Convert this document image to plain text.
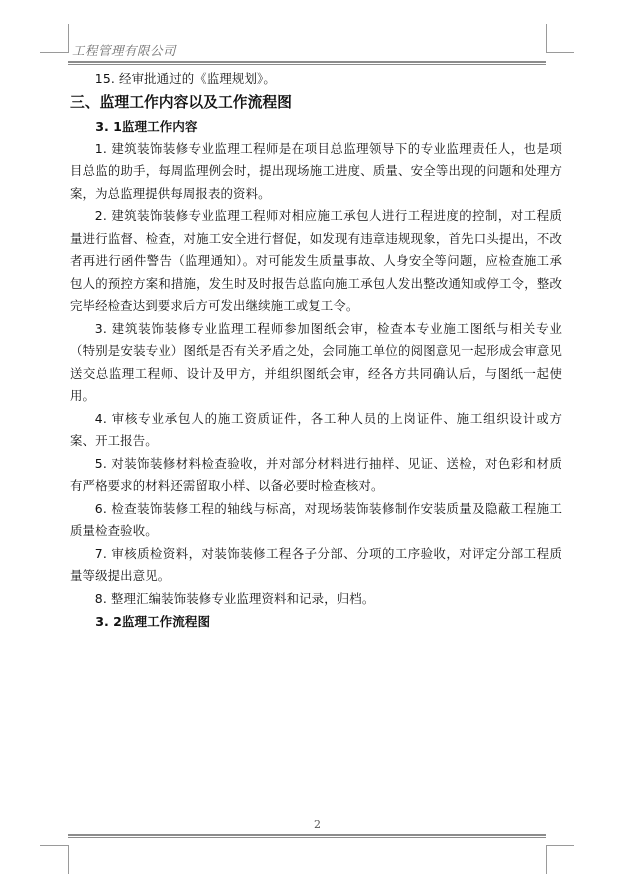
工程管理有限公司

15. 经审批通过的《监理规划》。

三、监理工作内容以及工作流程图

3. 1监理工作内容

1. 建筑装饰装修专业监理工程师是在项目总监理领导下的专业监理责任人，也是项目总监的助手，每周监理例会时，提出现场施工进度、质量、安全等出现的问题和处理方案，为总监理提供每周报表的资料。

2. 建筑装饰装修专业监理工程师对相应施工承包人进行工程进度的控制，对工程质量进行监督、检查，对施工安全进行督促，如发现有违章违规现象，首先口头提出，不改者再进行函件警告（监理通知）。对可能发生质量事故、人身安全等问题，应检查施工承包人的预控方案和措施，发生时及时报告总监向施工承包人发出整改通知或停工令，整改完毕经检查达到要求后方可发出继续施工或复工令。

3. 建筑装饰装修专业监理工程师参加图纸会审，检查本专业施工图纸与相关专业（特别是安装专业）图纸是否有关矛盾之处，会同施工单位的阅图意见一起形成会审意见送交总监理工程师、设计及甲方，并组织图纸会审，经各方共同确认后，与图纸一起使用。

4. 审核专业承包人的施工资质证件，各工种人员的上岗证件、施工组织设计或方案、开工报告。

5. 对装饰装修材料检查验收，并对部分材料进行抽样、见证、送检，对色彩和材质有严格要求的材料还需留取小样、以备必要时检查核对。

6. 检查装饰装修工程的轴线与标高，对现场装饰装修制作安装质量及隐蔽工程施工质量检查验收。

7. 审核质检资料，对装饰装修工程各子分部、分项的工序验收，对评定分部工程质量等级提出意见。

8. 整理汇编装饰装修专业监理资料和记录，归档。

3. 2监理工作流程图

2
